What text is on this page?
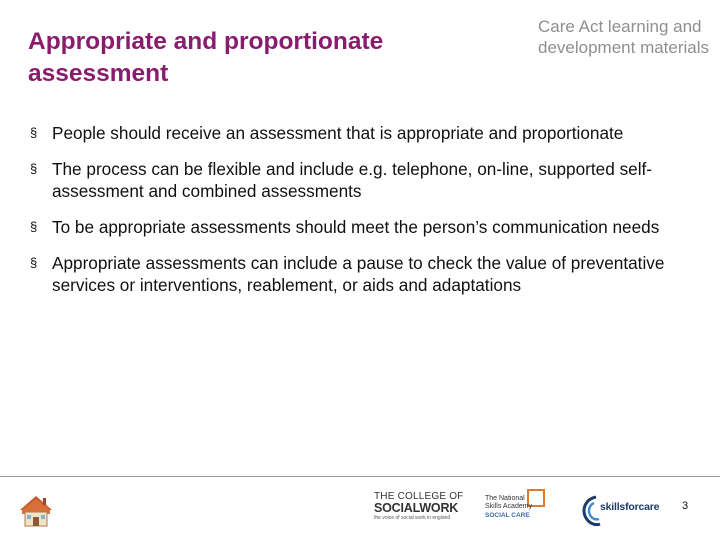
Appropriate and proportionate assessment
Care Act learning and development materials
§ People should receive an assessment that is appropriate and proportionate
§ The process can be flexible and include e.g. telephone, on-line, supported self-assessment and combined assessments
§ To be appropriate assessments should meet the person’s communication needs
§ Appropriate assessments can include a pause to check the value of preventative services or interventions, reablement, or aids and adaptations
THE COLLEGE OF
SOCIALWORK
the voice of social work in england
The National
Skills Academy
SOCIAL CARE
skillsforcare 3
